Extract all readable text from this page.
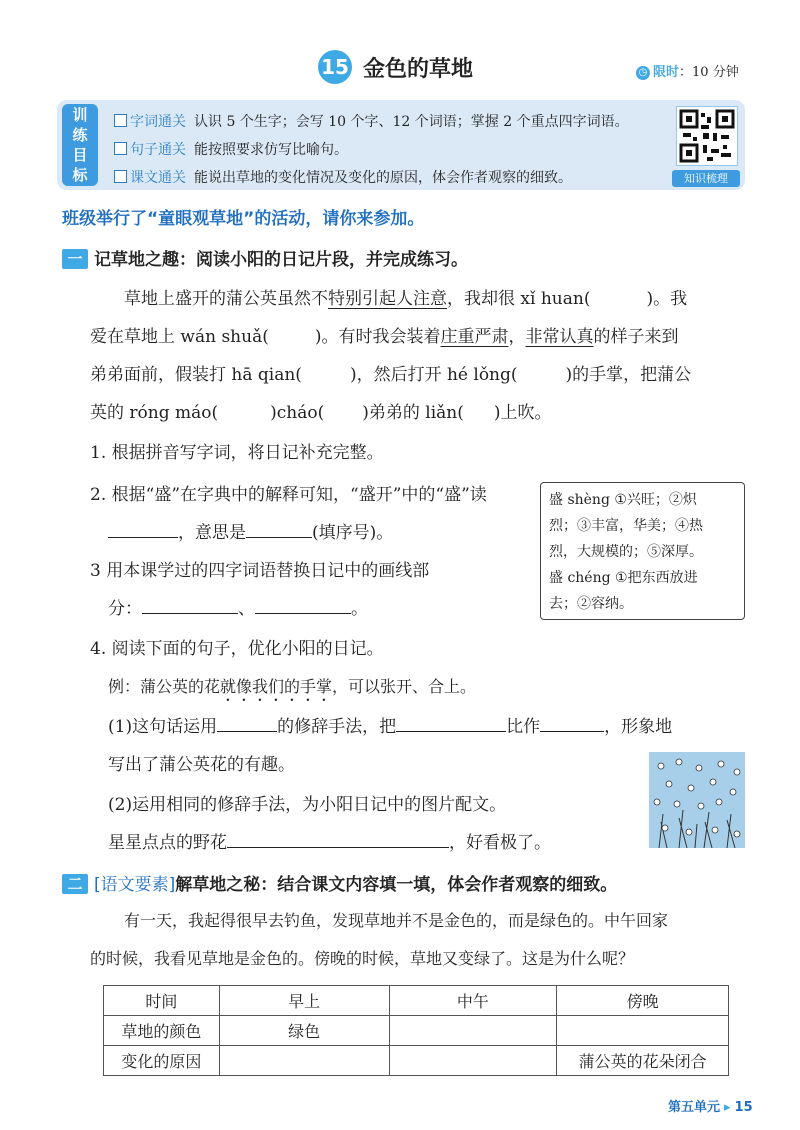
15 金色的草地	◷ 限时：10 分钟
训
练
目
标
字词通关 认识 5 个生字；会写 10 个字、12 个词语；掌握 2 个重点四字词语。
句子通关 能按照要求仿写比喻句。
课文通关 能说出草地的变化情况及变化的原因，体会作者观察的细致。	知识梳理
班级举行了“童眼观草地”的活动，请你来参加。
一 记草地之趣：阅读小阳的日记片段，并完成练习。
草地上盛开的蒲公英虽然不特别引起人注意，我却很 xǐ huan(	)。我
爱在草地上 wán shuǎ(	)。有时我会装着庄重严肃，非常认真的样子来到
弟弟面前，假装打 hā qian(	)，然后打开 hé lǒng(	)的手掌，把蒲公
英的 róng máo(	)cháo( )弟弟的 liǎn( )上吹。
1. 根据拼音写字词，将日记补充完整。
2. 根据“盛”在字典中的解释可知，“盛开”中的“盛”读
，意思是	(填序号)。
盛 shèng ①兴旺；②炽
烈；③丰富，华美；④热
烈，大规模的；⑤深厚。
盛 chéng ①把东西放进
去；②容纳。
3 用本课学过的四字词语替换日记中的画线部
分：	、	。
4. 阅读下面的句子，优化小阳的日记。
例：蒲公英的花就像我们的手掌，可以张开、合上。
(1)这句话运用	的修辞手法，把	比作	，形象地
写出了蒲公英花的有趣。
(2)运用相同的修辞手法，为小阳日记中的图片配文。
星星点点的野花	，好看极了。
二 [语文要素]解草地之秘：结合课文内容填一填，体会作者观察的细致。
有一天，我起得很早去钓鱼，发现草地并不是金色的，而是绿色的。中午回家
的时候，我看见草地是金色的。傍晚的时候，草地又变绿了。这是为什么呢？
时间	早上	中午	傍晚
草地的颜色	绿色		
变化的原因			蒲公英的花朵闭合
第五单元 ▸ 15
